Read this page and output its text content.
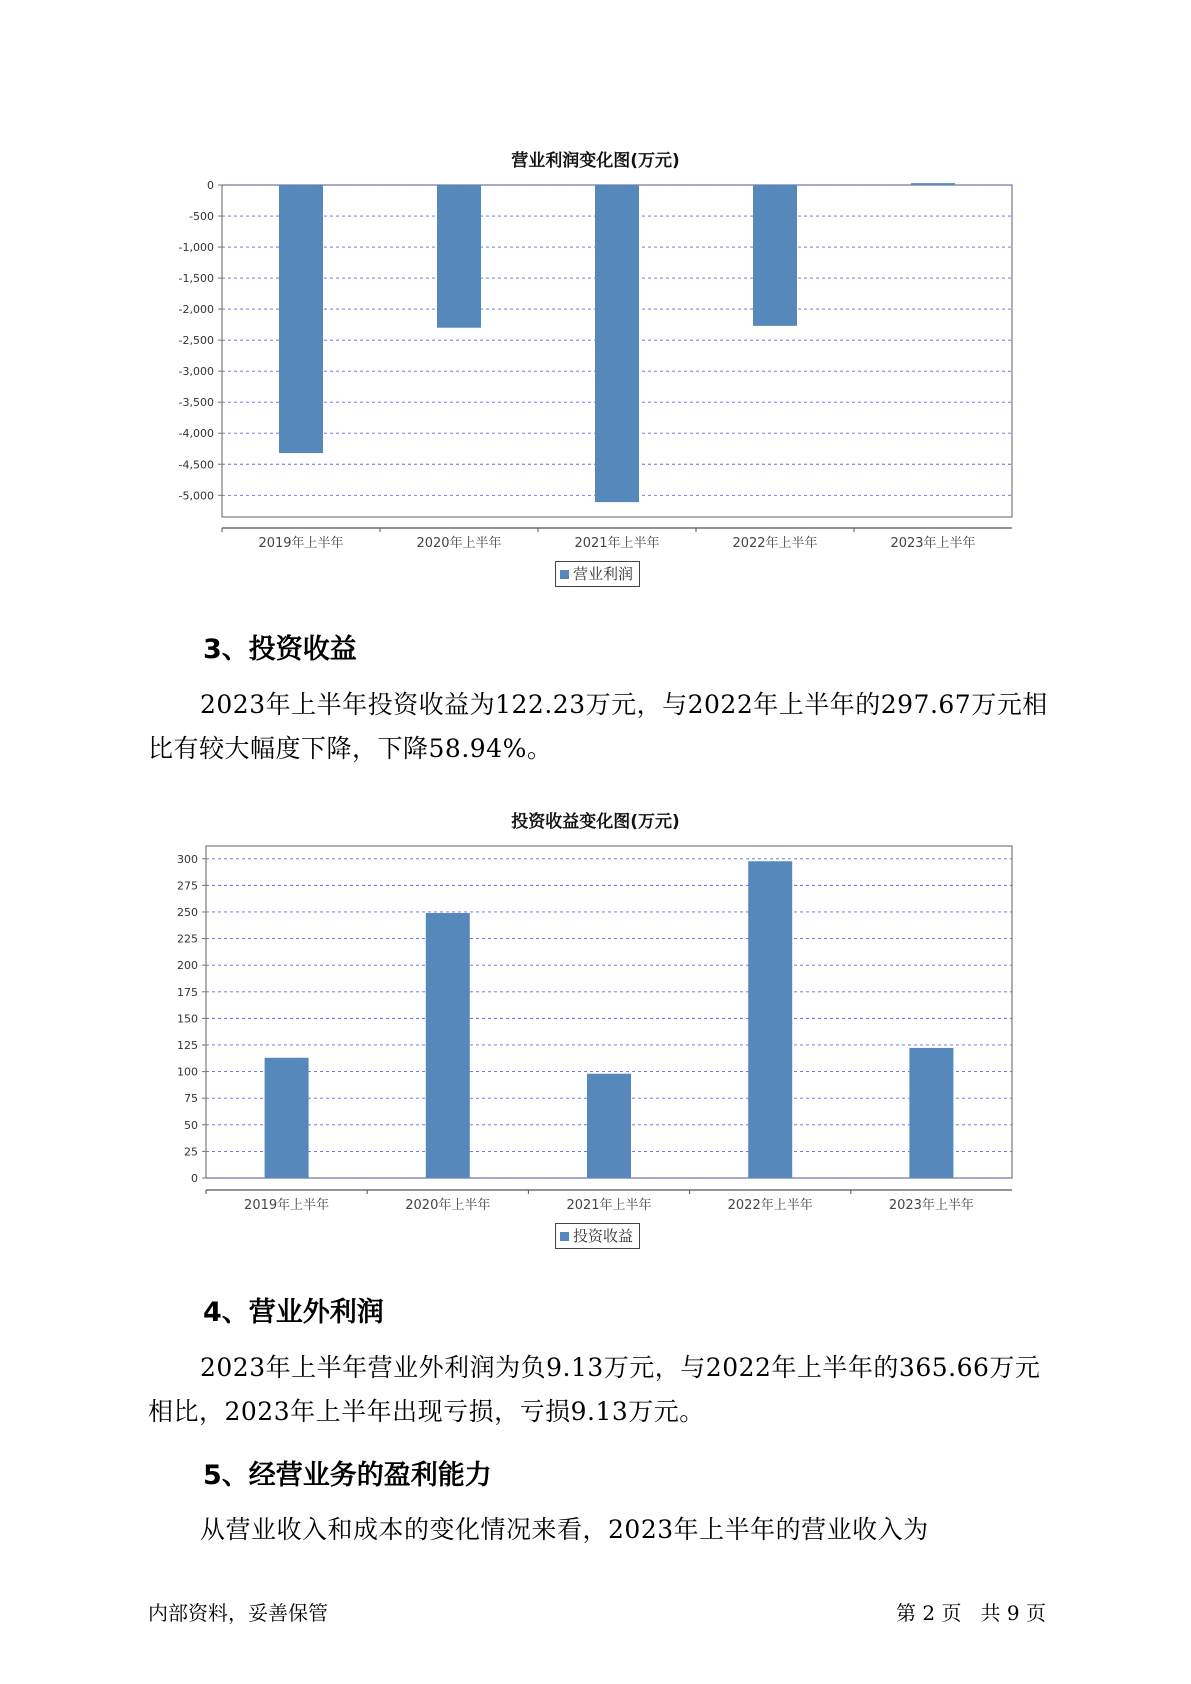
营业利润变化图(万元)
0
-500
-1,000
-1,500
-2,000
-2,500
-3,000
-3,500
-4,000
-4,500
-5,000
2019年上半年	2020年上半年	2021年上半年	2022年上半年	2023年上半年
营业利润
3、投资收益

2023年上半年投资收益为122.23万元，与2022年上半年的297.67万元相比有较大幅度下降，下降58.94%。

投资收益变化图(万元)
0
25
50
75
100
125
150
175
200
225
250
275
300
2019年上半年	2020年上半年	2021年上半年	2022年上半年	2023年上半年
投资收益
4、营业外利润

2023年上半年营业外利润为负9.13万元，与2022年上半年的365.66万元相比，2023年上半年出现亏损，亏损9.13万元。

5、经营业务的盈利能力

从营业收入和成本的变化情况来看，2023年上半年的营业收入为

内部资料，妥善保管	第 2 页   共 9 页
